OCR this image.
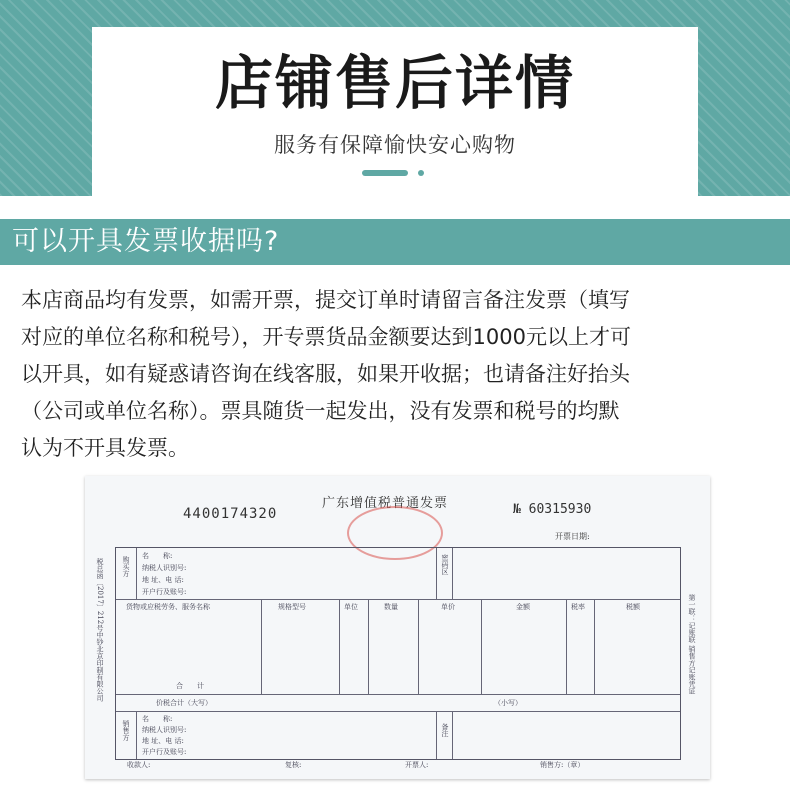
店铺售后详情
服务有保障愉快安心购物
可以开具发票收据吗?
本店商品均有发票，如需开票，提交订单时请留言备注发票（填写
对应的单位名称和税号），开专票货品金额要达到1000元以上才可
以开具，如有疑惑请咨询在线客服，如果开收据；也请备注好抬头
（公司或单位名称）。票具随货一起发出，没有发票和税号的均默
认为不开具发票。
4400174320
广东增值税普通发票	№ 60315930
开票日期:
税总函〔2017〕212号中钞北京印制有限公司	第一联：记账联 销售方记账凭证
购买方 名　　称:
纳税人识别号:
地 址、电 话:
开户行及账号:
密码区
货物或应税劳务、服务名称	规格型号	单位	数量	单价	金额	税率	税额
合　　计
价税合计（大写）	（小写）
销售方
名　　称:
纳税人识别号:
地 址、电 话:
开户行及账号:
备注
收款人:	复核:	开票人:	销售方:（章）
